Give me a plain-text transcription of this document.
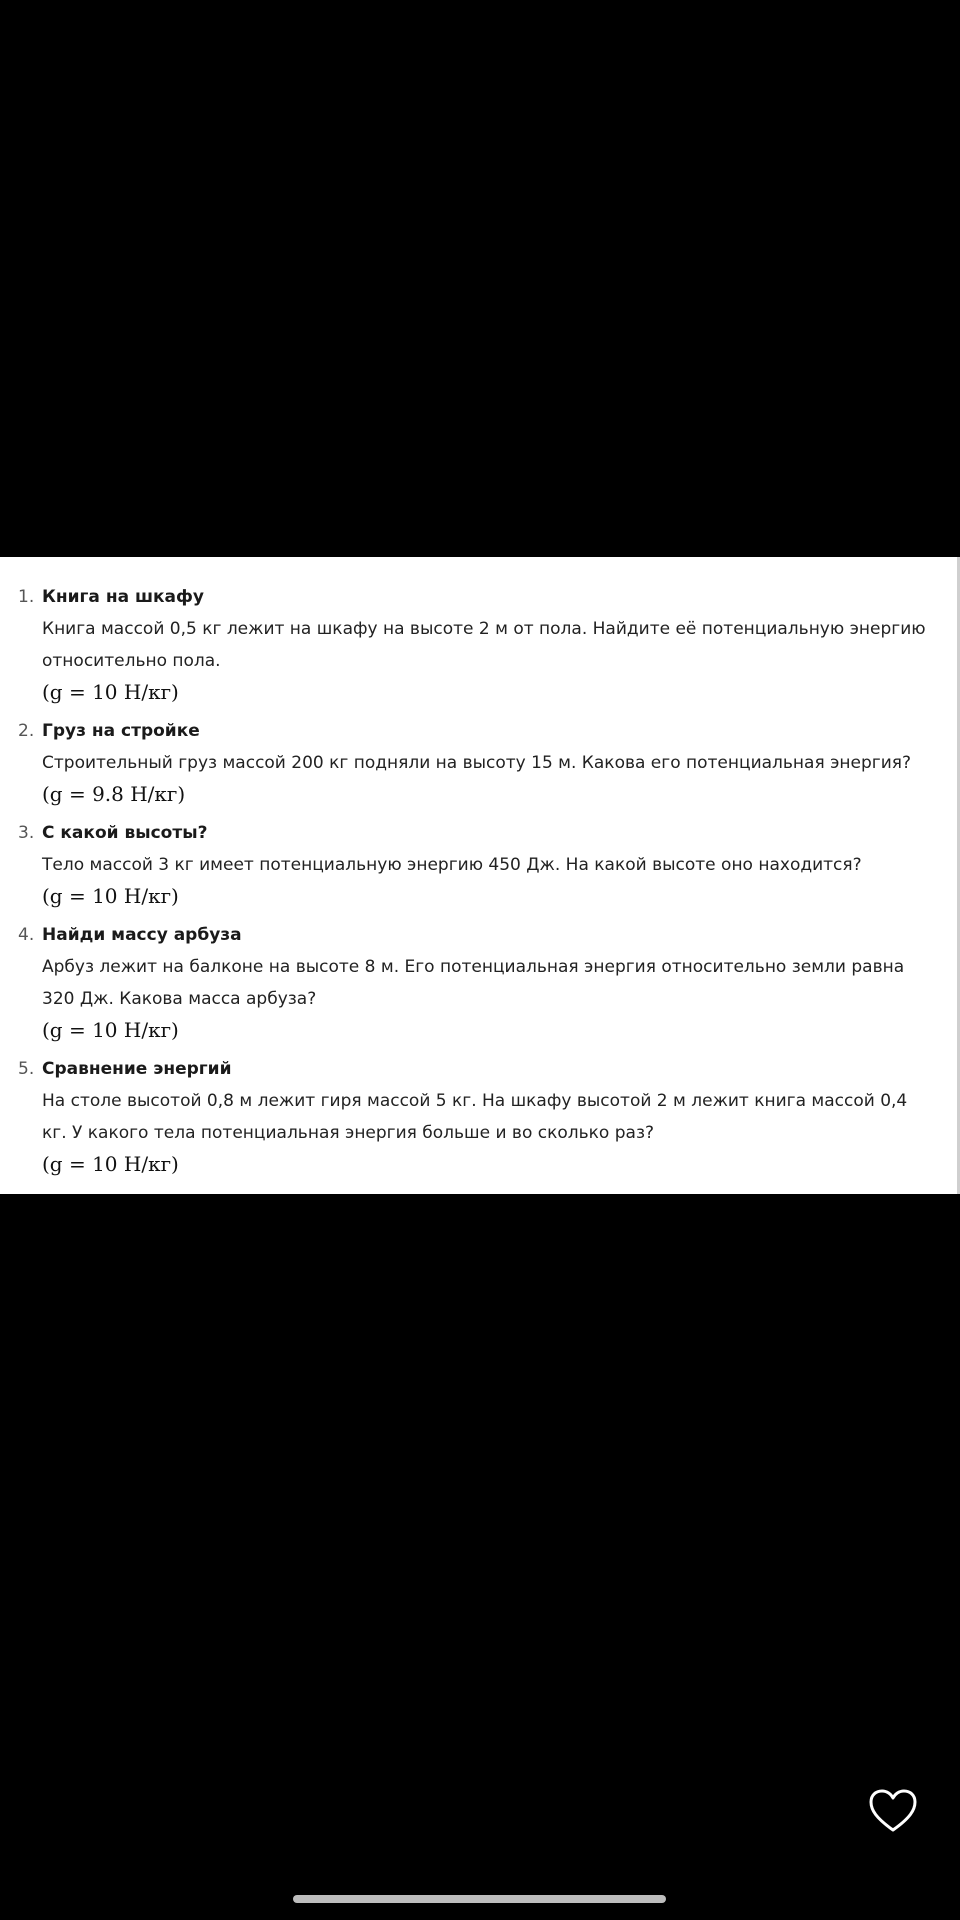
1. Книга на шкафу
Книга массой 0,5 кг лежит на шкафу на высоте 2 м от пола. Найдите её потенциальную энергию относительно пола.
(g = 10 Н/кг)
2. Груз на стройке
Строительный груз массой 200 кг подняли на высоту 15 м. Какова его потенциальная энергия?
(g = 9.8 Н/кг)
3. С какой высоты?
Тело массой 3 кг имеет потенциальную энергию 450 Дж. На какой высоте оно находится?
(g = 10 Н/кг)
4. Найди массу арбуза
Арбуз лежит на балконе на высоте 8 м. Его потенциальная энергия относительно земли равна 320 Дж. Какова масса арбуза?
(g = 10 Н/кг)
5. Сравнение энергий
На столе высотой 0,8 м лежит гиря массой 5 кг. На шкафу высотой 2 м лежит книга массой 0,4 кг. У какого тела потенциальная энергия больше и во сколько раз?
(g = 10 Н/кг)
